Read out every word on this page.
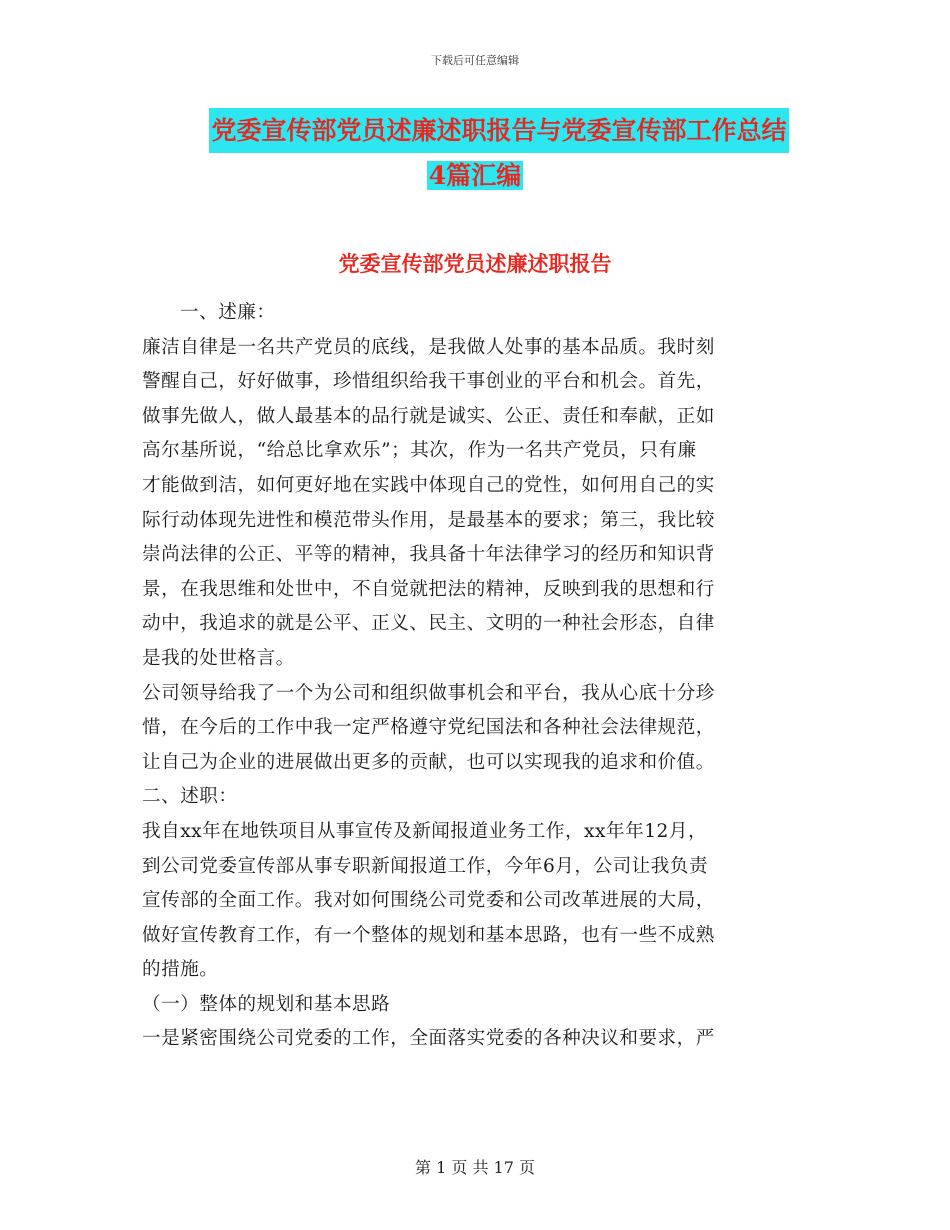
下载后可任意编辑
党委宣传部党员述廉述职报告与党委宣传部工作总结
4篇汇编
党委宣传部党员述廉述职报告

一、述廉：

廉洁自律是一名共产党员的底线，是我做人处事的基本品质。我时刻

警醒自己，好好做事，珍惜组织给我干事创业的平台和机会。首先，

做事先做人，做人最基本的品行就是诚实、公正、责任和奉献，正如

高尔基所说，“给总比拿欢乐”；其次，作为一名共产党员，只有廉

才能做到洁，如何更好地在实践中体现自己的党性，如何用自己的实

际行动体现先进性和模范带头作用，是最基本的要求；第三，我比较

崇尚法律的公正、平等的精神，我具备十年法律学习的经历和知识背

景，在我思维和处世中，不自觉就把法的精神，反映到我的思想和行

动中，我追求的就是公平、正义、民主、文明的一种社会形态，自律

是我的处世格言。

公司领导给我了一个为公司和组织做事机会和平台，我从心底十分珍

惜，在今后的工作中我一定严格遵守党纪国法和各种社会法律规范，

让自己为企业的进展做出更多的贡献，也可以实现我的追求和价值。

二、述职：

我自xx年在地铁项目从事宣传及新闻报道业务工作，xx年年12月，

到公司党委宣传部从事专职新闻报道工作，今年6月，公司让我负责

宣传部的全面工作。我对如何围绕公司党委和公司改革进展的大局，

做好宣传教育工作，有一个整体的规划和基本思路，也有一些不成熟

的措施。

（一）整体的规划和基本思路

一是紧密围绕公司党委的工作，全面落实党委的各种决议和要求，严

第 1 页 共 17 页
